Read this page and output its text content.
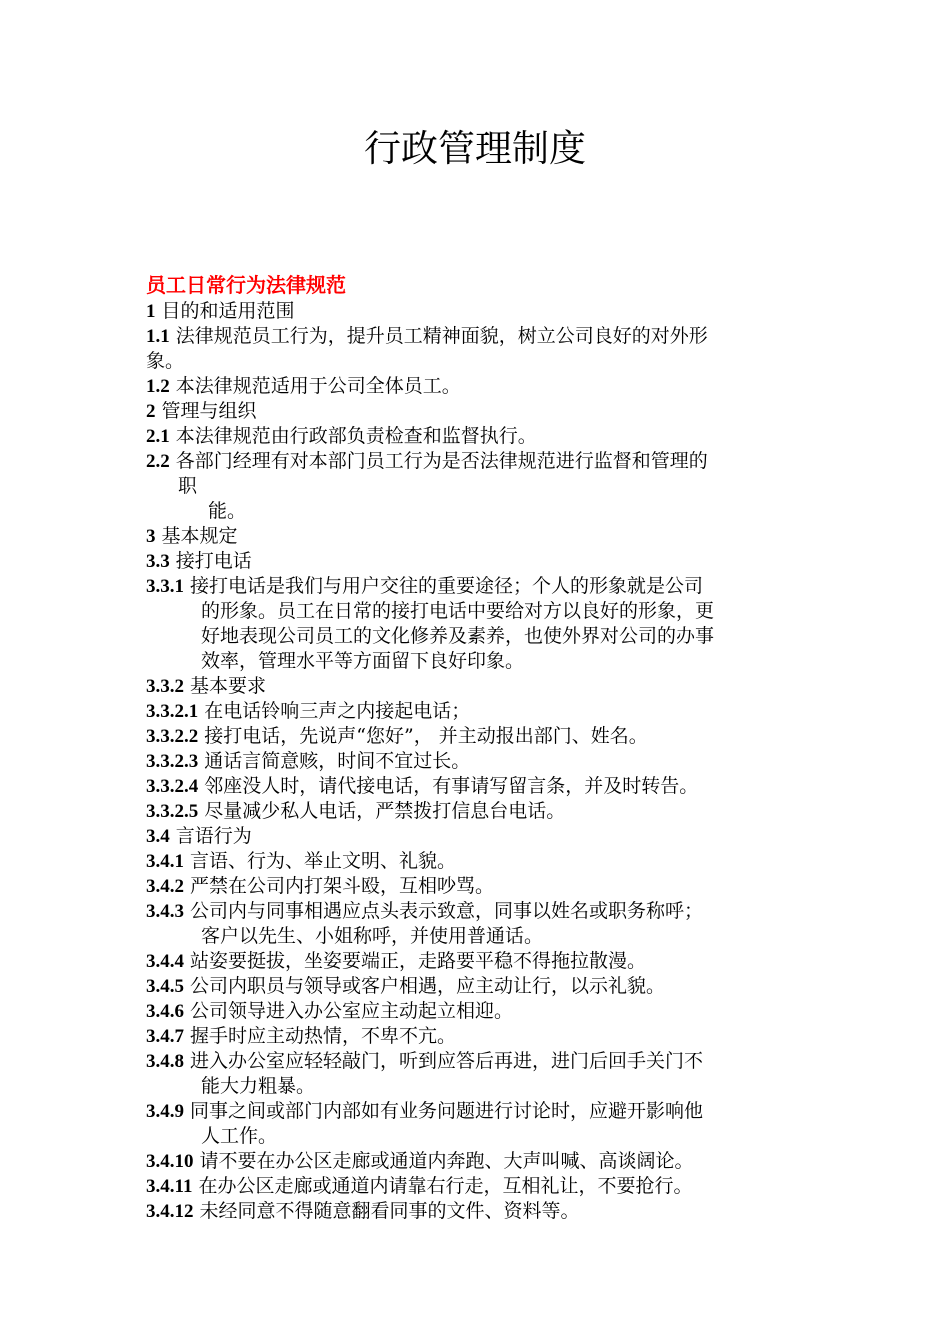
行政管理制度
员工日常行为法律规范
1 目的和适用范围
1.1 法律规范员工行为，提升员工精神面貌，树立公司良好的对外形
象。
1.2 本法律规范适用于公司全体员工。
2 管理与组织
2.1 本法律规范由行政部负责检查和监督执行。
2.2 各部门经理有对本部门员工行为是否法律规范进行监督和管理的
职
能。
3 基本规定
3.3 接打电话
3.3.1 接打电话是我们与用户交往的重要途径；个人的形象就是公司
的形象。员工在日常的接打电话中要给对方以良好的形象，更
好地表现公司员工的文化修养及素养，也使外界对公司的办事
效率，管理水平等方面留下良好印象。
3.3.2 基本要求
3.3.2.1 在电话铃响三声之内接起电话；
3.3.2.2 接打电话，先说声“您好”， 并主动报出部门、姓名。
3.3.2.3 通话言简意赅，时间不宜过长。
3.3.2.4 邻座没人时，请代接电话，有事请写留言条，并及时转告。
3.3.2.5 尽量减少私人电话，严禁拨打信息台电话。
3.4 言语行为
3.4.1 言语、行为、举止文明、礼貌。
3.4.2 严禁在公司内打架斗殴，互相吵骂。
3.4.3 公司内与同事相遇应点头表示致意，同事以姓名或职务称呼；
客户以先生、小姐称呼，并使用普通话。
3.4.4 站姿要挺拔，坐姿要端正，走路要平稳不得拖拉散漫。
3.4.5 公司内职员与领导或客户相遇，应主动让行，以示礼貌。
3.4.6 公司领导进入办公室应主动起立相迎。
3.4.7 握手时应主动热情，不卑不亢。
3.4.8 进入办公室应轻轻敲门，听到应答后再进，进门后回手关门不
能大力粗暴。
3.4.9 同事之间或部门内部如有业务问题进行讨论时，应避开影响他
人工作。
3.4.10 请不要在办公区走廊或通道内奔跑、大声叫喊、高谈阔论。
3.4.11 在办公区走廊或通道内请靠右行走，互相礼让，不要抢行。
3.4.12 未经同意不得随意翻看同事的文件、资料等。
